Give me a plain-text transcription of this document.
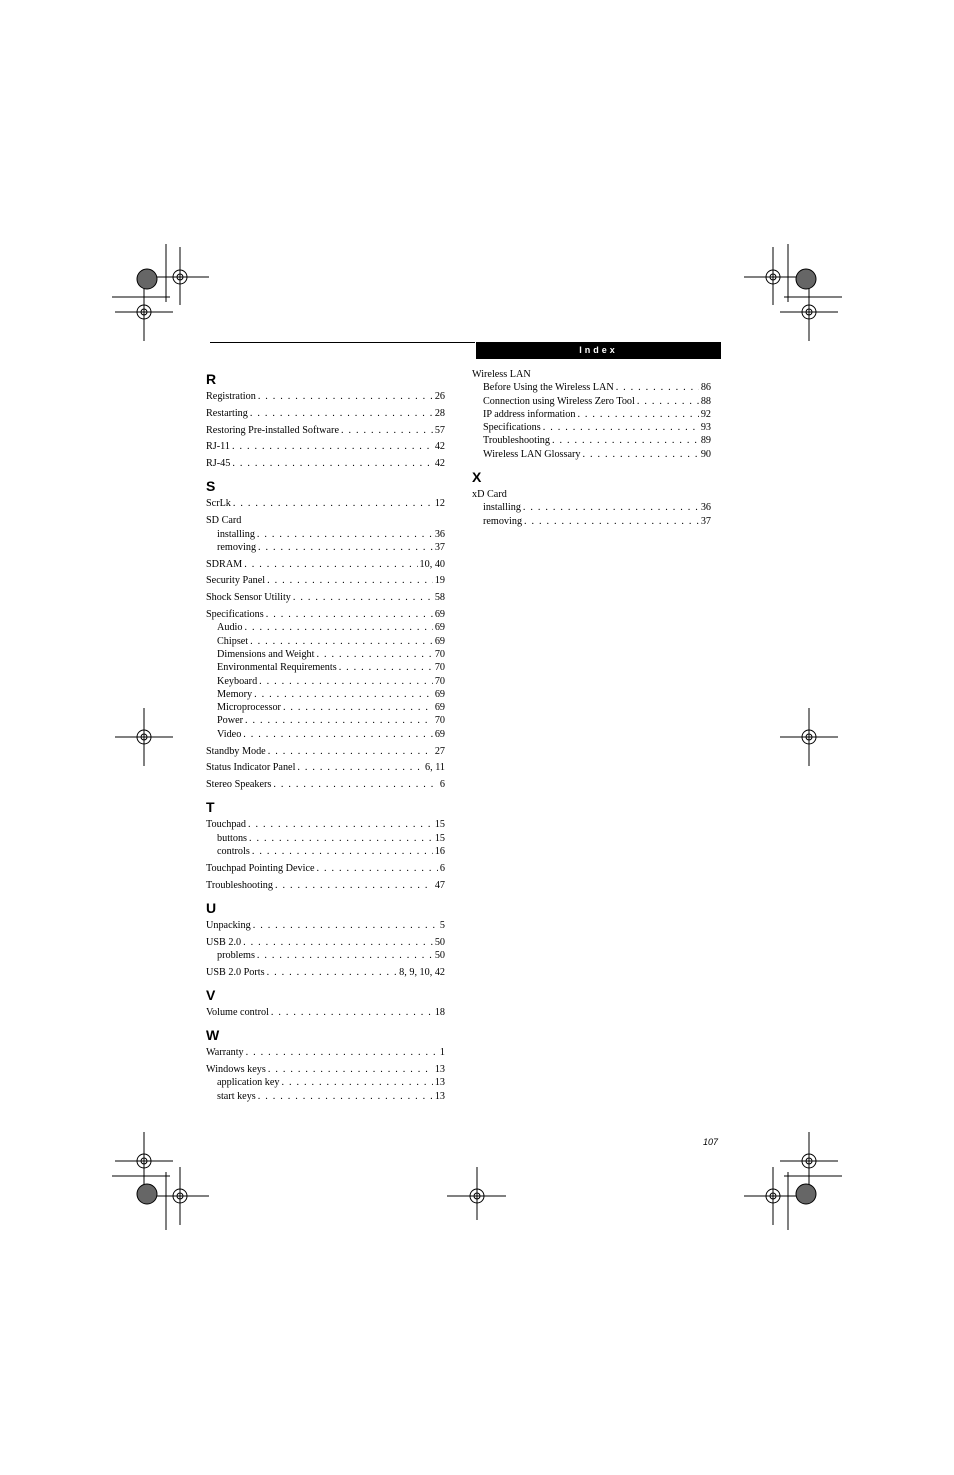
Index
R
Registration . . .	26
Restarting . . .	28
Restoring Pre-installed Software . . .	57
RJ-11 . . .	42
RJ-45 . . .	42
S
ScrLk . . .	12
SD Card
installing . . .	36
removing . . .	37
SDRAM . . .	10, 40
Security Panel . . .	19
Shock Sensor Utility . . .	58
Specifications . . .	69
Audio . . .	69
Chipset . . .	69
Dimensions and Weight . . .	70
Environmental Requirements . . .	70
Keyboard . . .	70
Memory . . .	69
Microprocessor . . .	69
Power . . .	70
Video . . .	69
Standby Mode . . .	27
Status Indicator Panel . . .	6, 11
Stereo Speakers . . .	6
T
Touchpad . . .	15
buttons . . .	15
controls . . .	16
Touchpad Pointing Device . . .	6
Troubleshooting . . .	47
U
Unpacking . . .	5
USB 2.0 . . .	50
problems . . .	50
USB 2.0 Ports . . .	8, 9, 10, 42
V
Volume control . . .	18
W
Warranty . . .	1
Windows keys . . .	13
application key . . .	13
start keys . . .	13
Wireless LAN
Before Using the Wireless LAN . . .	86
Connection using Wireless Zero Tool . . .	88
IP address information . . .	92
Specifications . . .	93
Troubleshooting . . .	89
Wireless LAN Glossary . . .	90
X
xD Card
installing . . .	36
removing . . .	37
107
